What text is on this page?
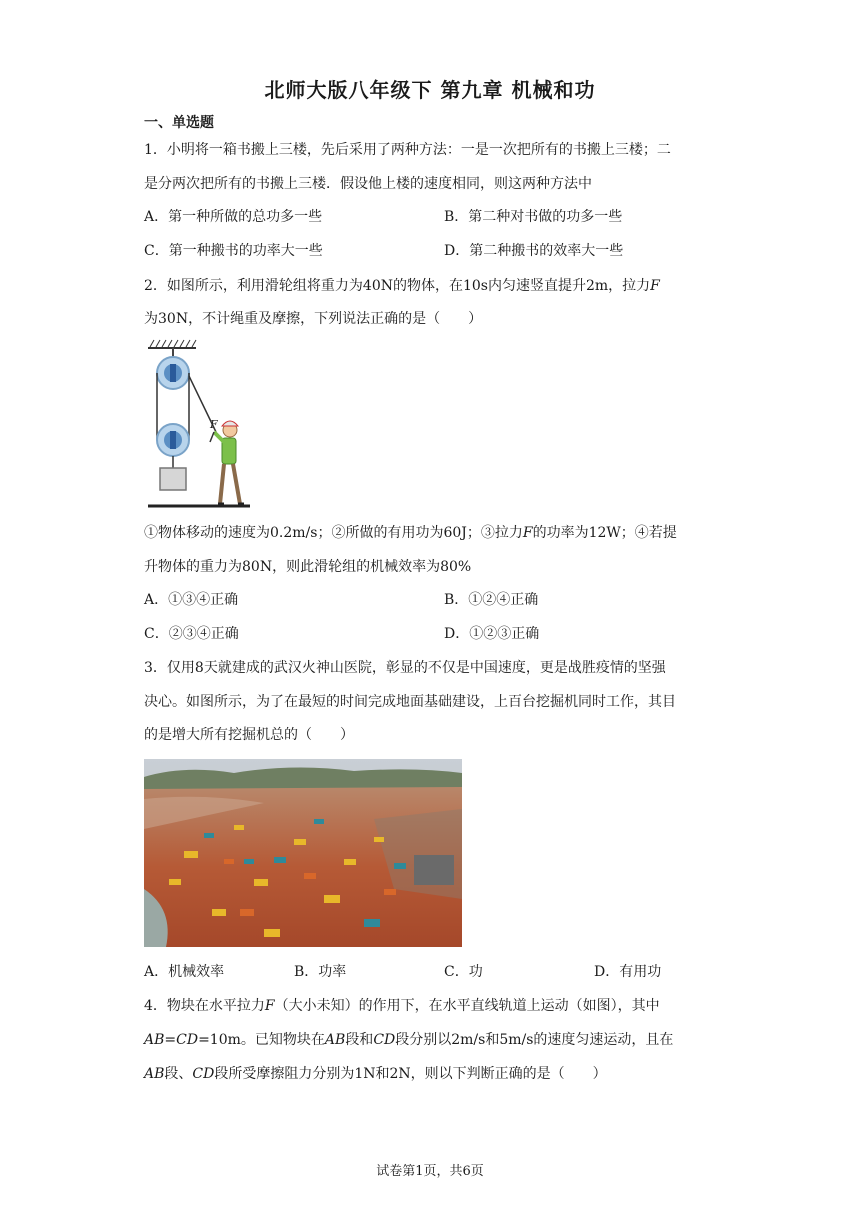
北师大版八年级下 第九章 机械和功
一、单选题
1．小明将一箱书搬上三楼，先后采用了两种方法：一是一次把所有的书搬上三楼；二
是分两次把所有的书搬上三楼．假设他上楼的速度相同，则这两种方法中
A．第一种所做的总功多一些	B．第二种对书做的功多一些
C．第一种搬书的功率大一些	D．第二种搬书的效率大一些
2．如图所示，利用滑轮组将重力为40N的物体，在10s内匀速竖直提升2m，拉力F
为30N，不计绳重及摩擦，下列说法正确的是（　　）
F
①物体移动的速度为0.2m/s；②所做的有用功为60J；③拉力F的功率为12W；④若提
升物体的重力为80N，则此滑轮组的机械效率为80%
A．①③④正确	B．①②④正确
C．②③④正确	D．①②③正确
3．仅用8天就建成的武汉火神山医院，彰显的不仅是中国速度，更是战胜疫情的坚强
决心。如图所示，为了在最短的时间完成地面基础建设，上百台挖掘机同时工作，其目
的是增大所有挖掘机总的（　　）
A．机械效率	B．功率	C．功	D．有用功
4．物块在水平拉力F（大小未知）的作用下，在水平直线轨道上运动（如图），其中
AB=CD=10m。已知物块在AB段和CD段分别以2m/s和5m/s的速度匀速运动，且在
AB段、CD段所受摩擦阻力分别为1N和2N，则以下判断正确的是（　　）
试卷第1页，共6页
